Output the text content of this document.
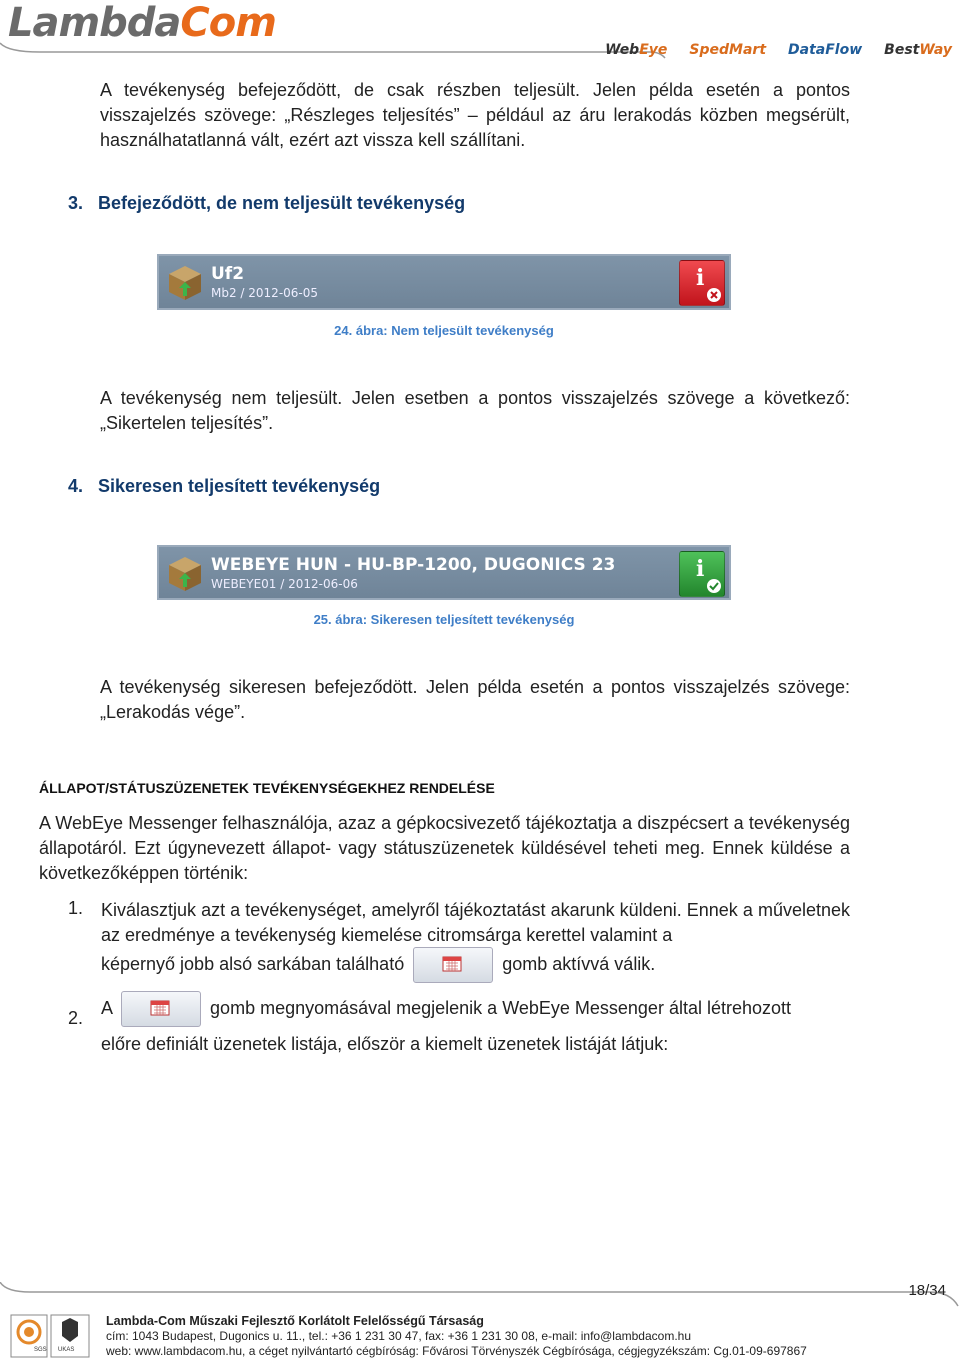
LambdaCom
WebEye SpedMart DataFlow BestWay
A tevékenység befejeződött, de csak részben teljesült. Jelen példa esetén a pontos visszajelzés szövege: „Részleges teljesítés” – például az áru lerakodás közben megsérült, használhatatlanná vált, ezért azt vissza kell szállítani.
3. Befejeződött, de nem teljesült tevékenység
Uf2
Mb2 / 2012-06-05
i
24. ábra: Nem teljesült tevékenység
A tevékenység nem teljesült. Jelen esetben a pontos visszajelzés szövege a következő: „Sikertelen teljesítés”.
4. Sikeresen teljesített tevékenység
WEBEYE HUN - HU-BP-1200, DUGONICS 23
WEBEYE01 / 2012-06-06
i
25. ábra: Sikeresen teljesített tevékenység
A tevékenység sikeresen befejeződött. Jelen példa esetén a pontos visszajelzés szövege: „Lerakodás vége”.
ÁLLAPOT/STÁTUSZÜZENETEK TEVÉKENYSÉGEKHEZ RENDELÉSE
A WebEye Messenger felhasználója, azaz a gépkocsivezető tájékoztatja a diszpécsert a tevékenység állapotáról. Ezt úgynevezett állapot- vagy státuszüzenetek küldésével teheti meg. Ennek küldése a következőképpen történik:
1. Kiválasztjuk azt a tevékenységet, amelyről tájékoztatást akarunk küldeni. Ennek a műveletnek az eredménye a tevékenység kiemelése citromsárga kerettel valamint a
képernyő jobb alsó sarkában található	gomb aktívvá válik.
2. A	gomb megnyomásával megjelenik a WebEye Messenger által létrehozott
előre definiált üzenetek listája, először a kiemelt üzenetek listáját látjuk:
18/34
SGS UKAS
Lambda-Com Műszaki Fejlesztő Korlátolt Felelősségű Társaság
cím: 1043 Budapest, Dugonics u. 11., tel.: +36 1 231 30 47, fax: +36 1 231 30 08, e-mail: info@lambdacom.hu
web: www.lambdacom.hu, a céget nyilvántartó cégbíróság: Fővárosi Törvényszék Cégbírósága, cégjegyzékszám: Cg.01-09-697867
